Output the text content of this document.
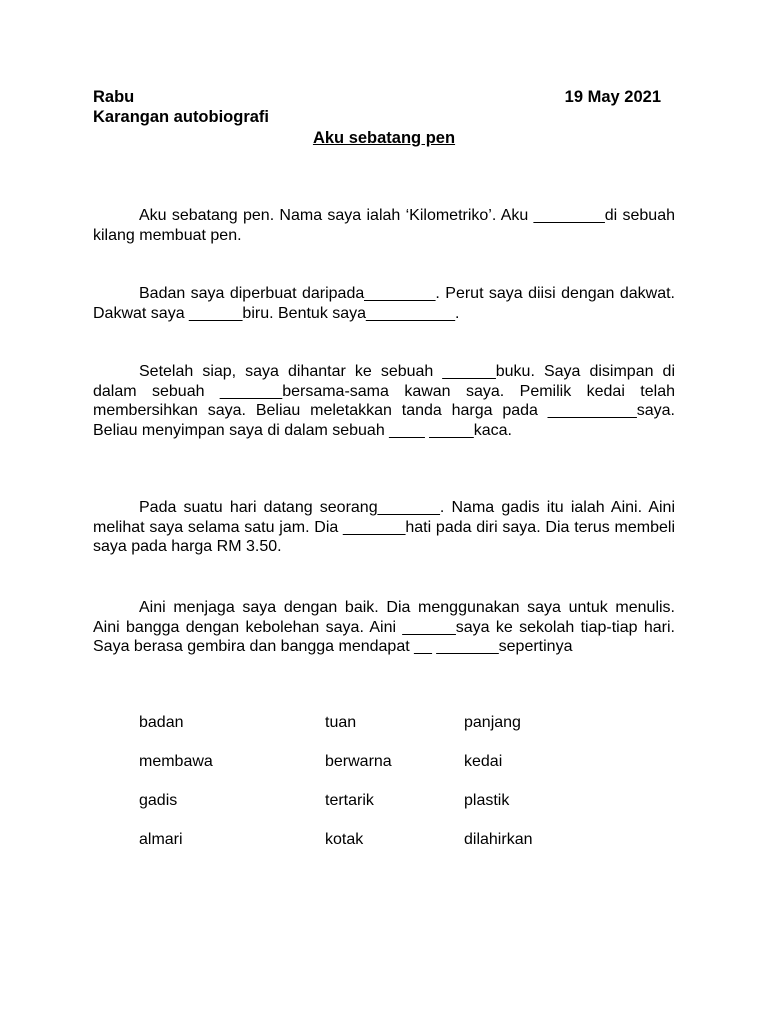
Rabu	19 May 2021
Karangan autobiografi
Aku sebatang pen
Aku sebatang pen. Nama saya ialah ‘Kilometriko’. Aku ________di sebuah kilang membuat pen.
Badan saya diperbuat daripada________. Perut saya diisi dengan dakwat. Dakwat saya ______biru. Bentuk saya__________.
Setelah siap, saya dihantar ke sebuah ______buku. Saya disimpan di dalam sebuah _______bersama-sama kawan saya. Pemilik kedai telah membersihkan saya. Beliau meletakkan tanda harga pada __________saya. Beliau menyimpan saya di dalam sebuah ____ _____kaca.
Pada suatu hari datang seorang_______. Nama gadis itu ialah Aini. Aini melihat saya selama satu jam. Dia _______hati pada diri saya. Dia terus membeli saya pada harga RM 3.50.
Aini menjaga saya dengan baik. Dia menggunakan saya untuk menulis. Aini bangga dengan kebolehan saya. Aini ______saya ke sekolah tiap-tiap hari. Saya berasa gembira dan bangga mendapat __ _______sepertinya
badan	tuan	panjang
membawa	berwarna	kedai
gadis	tertarik	plastik
almari	kotak	dilahirkan
